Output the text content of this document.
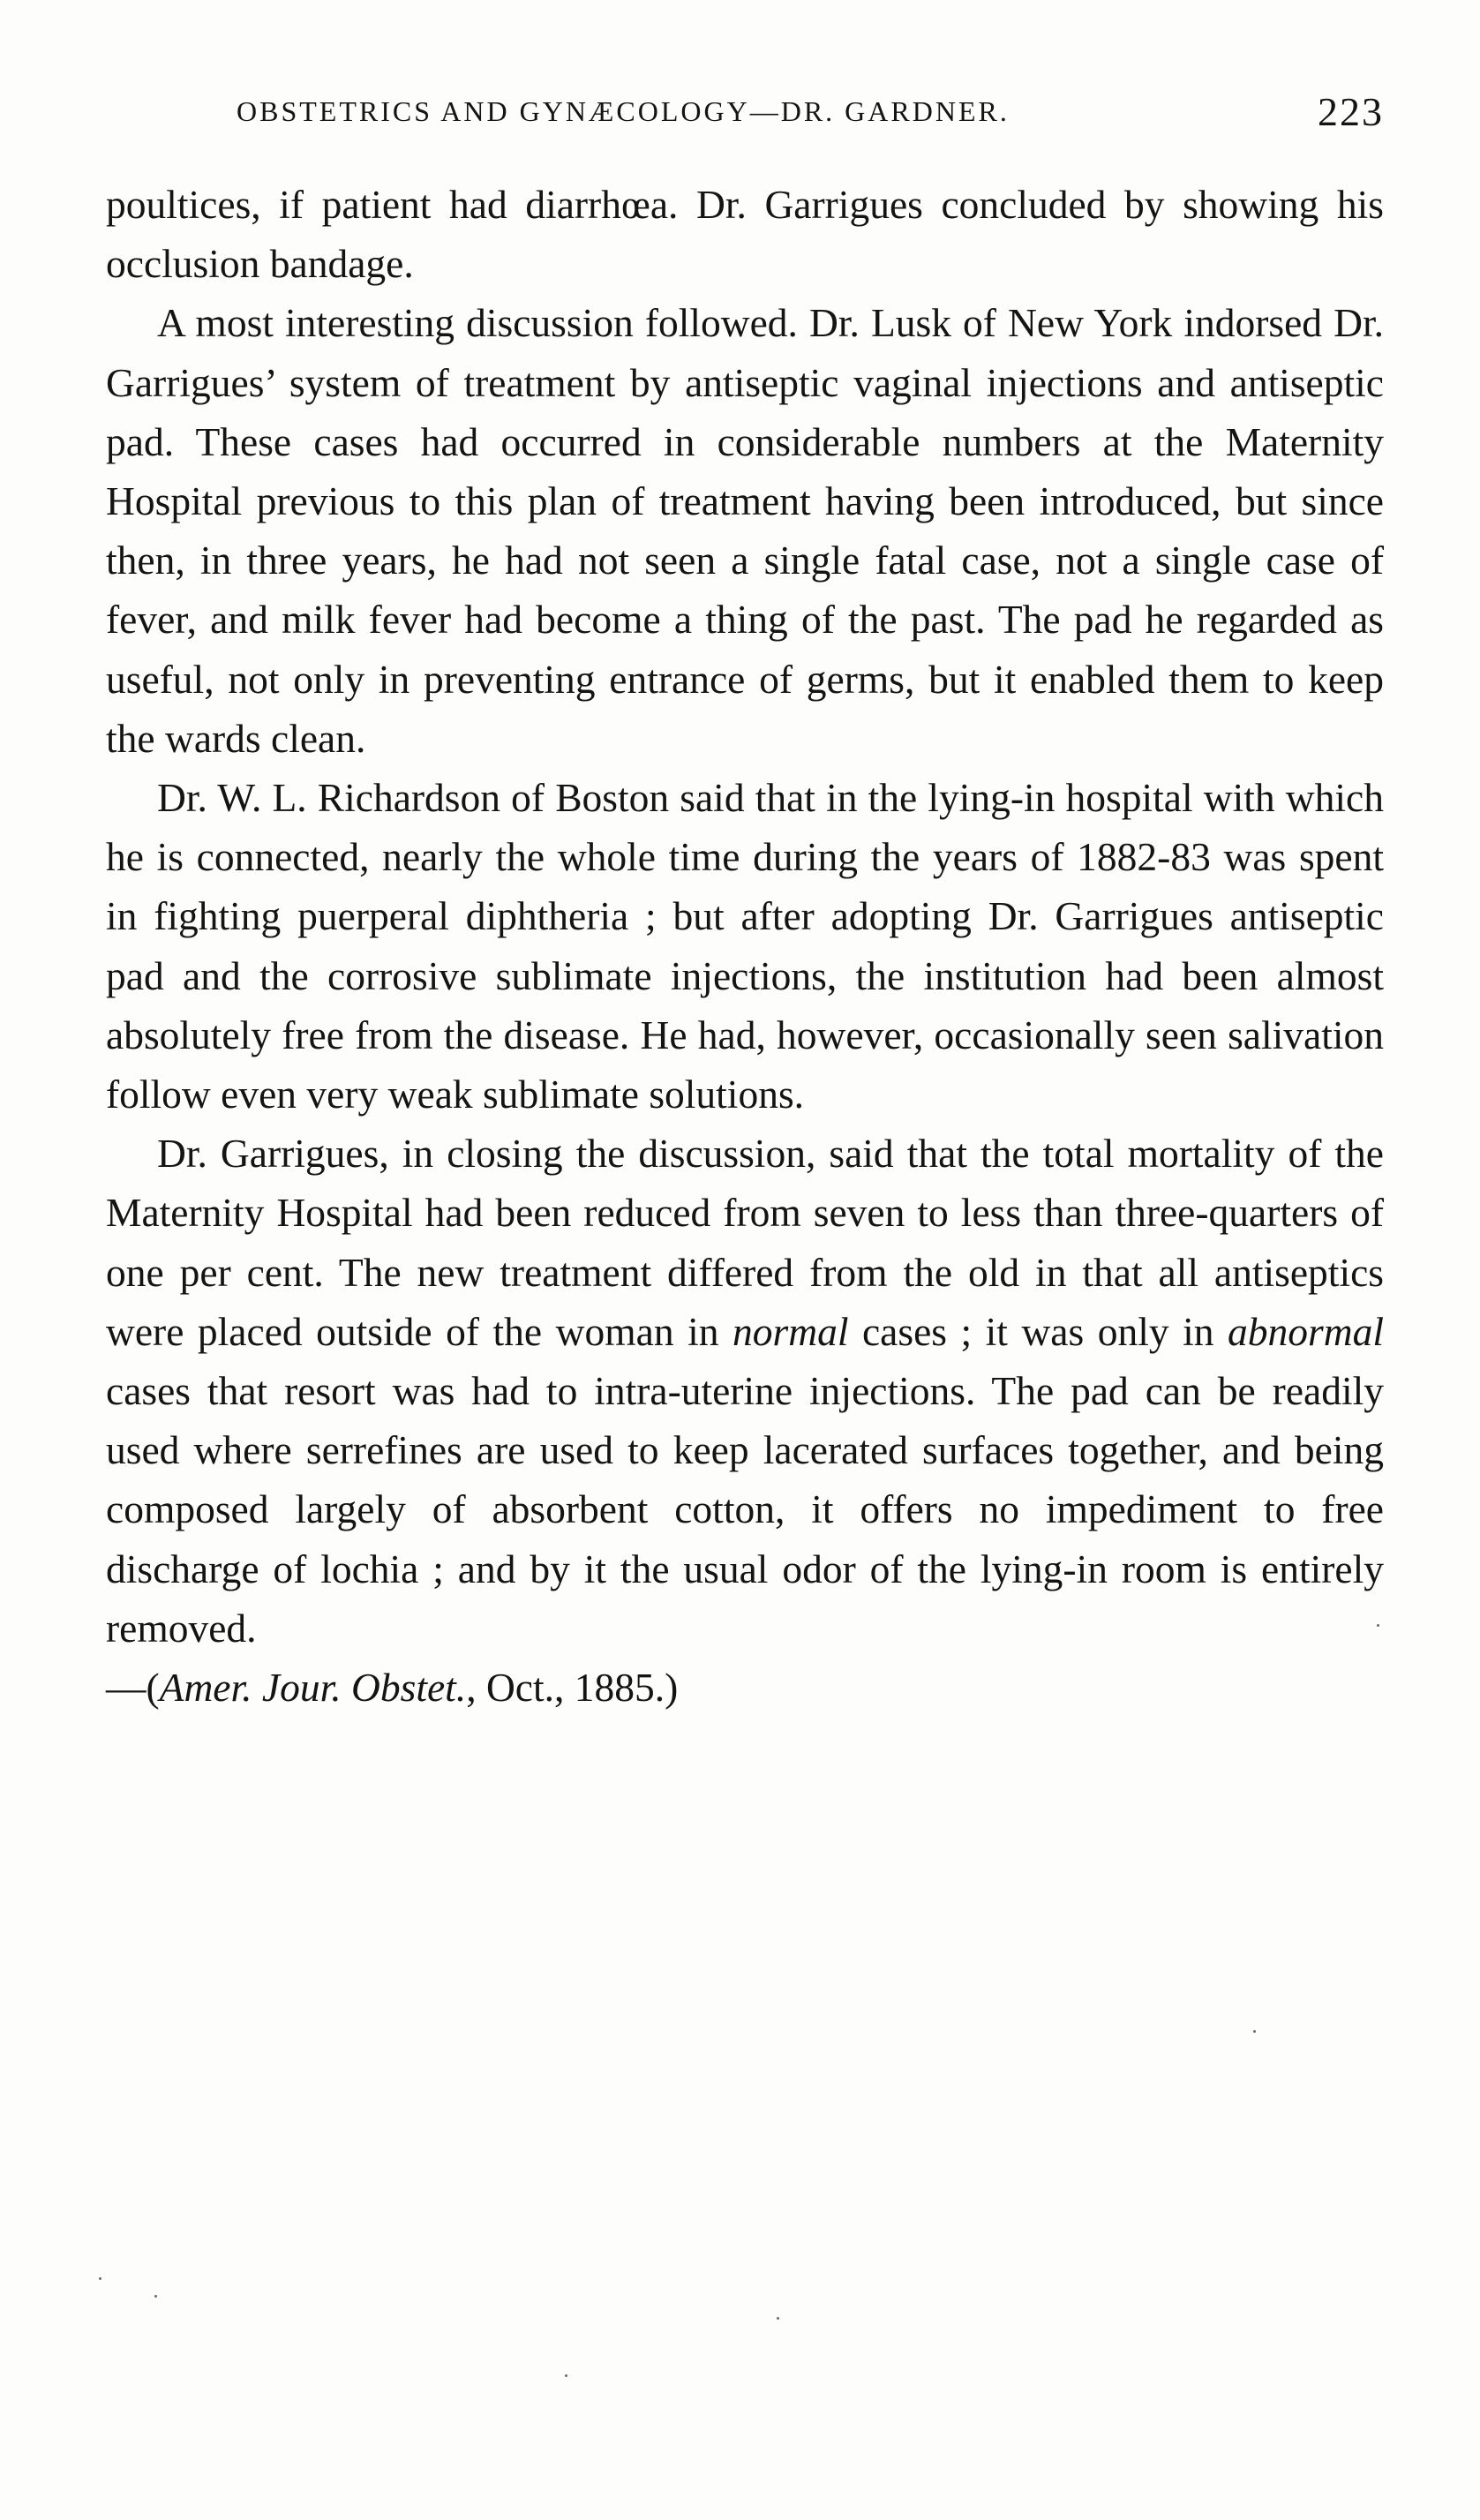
OBSTETRICS AND GYNÆCOLOGY—DR. GARDNER.	223

poultices, if patient had diarrhœa. Dr. Garrigues concluded by showing his occlusion bandage.

A most interesting discussion followed. Dr. Lusk of New York indorsed Dr. Garrigues’ system of treatment by antiseptic vaginal injections and antiseptic pad. These cases had occurred in considerable numbers at the Maternity Hospital previous to this plan of treatment having been introduced, but since then, in three years, he had not seen a single fatal case, not a single case of fever, and milk fever had become a thing of the past. The pad he regarded as useful, not only in preventing entrance of germs, but it enabled them to keep the wards clean.

Dr. W. L. Richardson of Boston said that in the lying-in hospital with which he is connected, nearly the whole time during the years of 1882-83 was spent in fighting puerperal diphtheria ; but after adopting Dr. Garrigues antiseptic pad and the corrosive sublimate injections, the institution had been almost absolutely free from the disease. He had, however, occasionally seen salivation follow even very weak sublimate solutions.

Dr. Garrigues, in closing the discussion, said that the total mortality of the Maternity Hospital had been reduced from seven to less than three-quarters of one per cent. The new treatment differed from the old in that all antiseptics were placed outside of the woman in normal cases ; it was only in abnormal cases that resort was had to intra-uterine injections. The pad can be readily used where serrefines are used to keep lacerated surfaces together, and being composed largely of absorbent cotton, it offers no impediment to free discharge of lochia ; and by it the usual odor of the lying-in room is entirely removed.

—(Amer. Jour. Obstet., Oct., 1885.)
